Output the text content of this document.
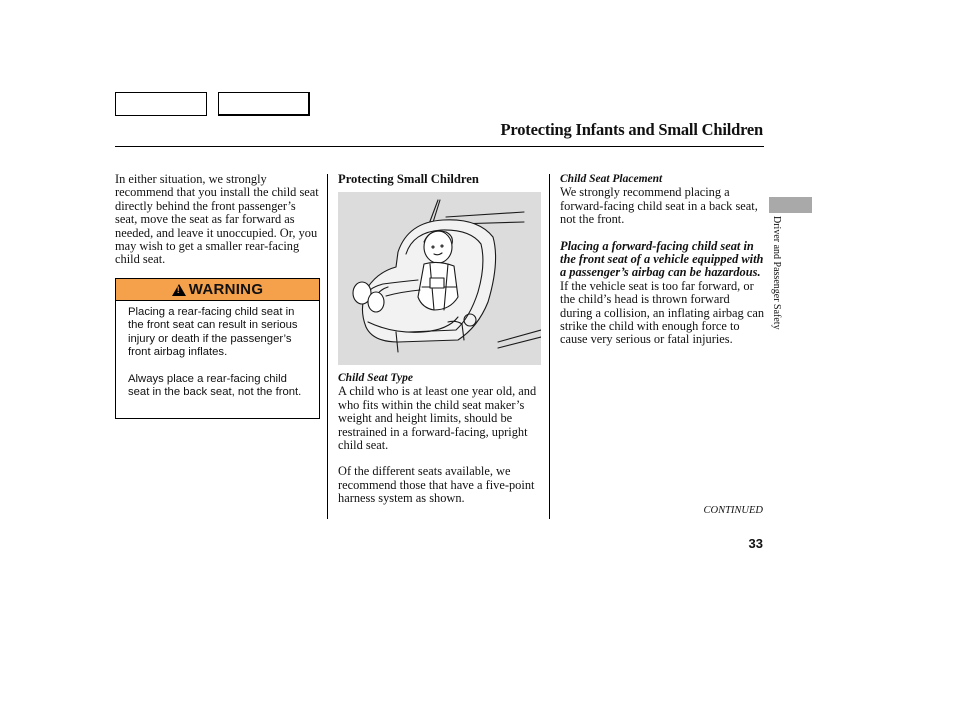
Protecting Infants and Small Children

In either situation, we strongly recommend that you install the child seat directly behind the front passenger’s seat, move the seat as far forward as needed, and leave it unoccupied. Or, you may wish to get a smaller rear-facing child seat.

!
WARNING

Placing a rear-facing child seat in the front seat can result in serious injury or death if the passenger’s front airbag inflates.

Always place a rear-facing child seat in the back seat, not the front.

Protecting Small Children

Child Seat Type

A child who is at least one year old, and who fits within the child seat maker’s weight and height limits, should be restrained in a forward-facing, upright child seat.

Of the different seats available, we recommend those that have a five-point harness system as shown.

Child Seat Placement

We strongly recommend placing a forward-facing child seat in a back seat, not the front.

Placing a forward-facing child seat in the front seat of a vehicle equipped with a passenger’s airbag can be hazardous. If the vehicle seat is too far forward, or the child’s head is thrown forward during a collision, an inflating airbag can strike the child with enough force to cause very serious or fatal injuries.

CONTINUED
33
Driver and Passenger Safety
